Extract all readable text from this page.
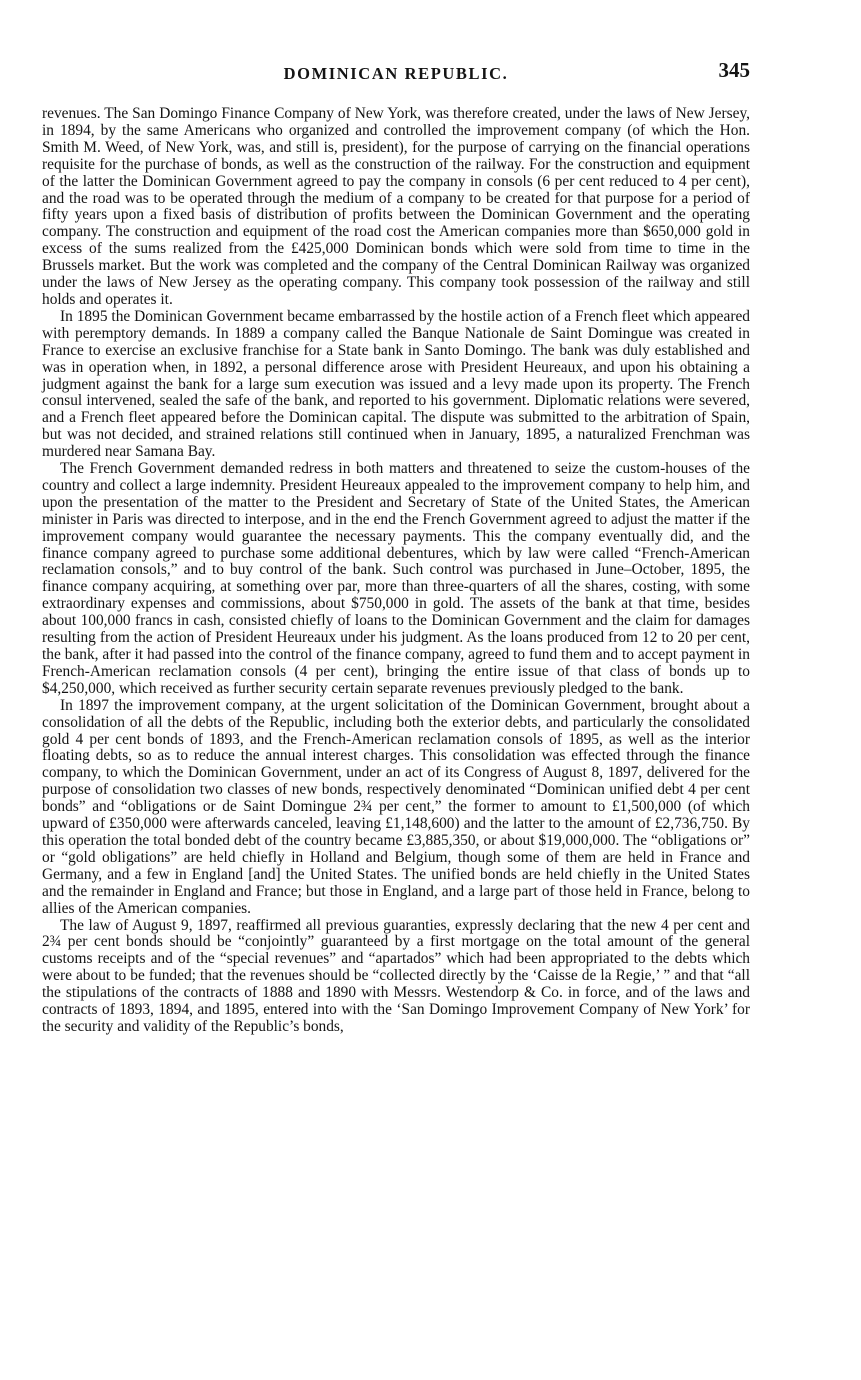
DOMINICAN REPUBLIC.	345

revenues. The San Domingo Finance Company of New York, was therefore created, under the laws of New Jersey, in 1894, by the same Americans who organized and controlled the improvement company (of which the Hon. Smith M. Weed, of New York, was, and still is, president), for the purpose of carrying on the financial operations requisite for the purchase of bonds, as well as the construction of the railway. For the construction and equipment of the latter the Dominican Government agreed to pay the company in consols (6 per cent reduced to 4 per cent), and the road was to be operated through the medium of a company to be created for that purpose for a period of fifty years upon a fixed basis of distribution of profits between the Dominican Government and the operating company. The construction and equipment of the road cost the American companies more than $650,000 gold in excess of the sums realized from the £425,000 Dominican bonds which were sold from time to time in the Brussels market. But the work was completed and the company of the Central Dominican Railway was organized under the laws of New Jersey as the operating company. This company took possession of the railway and still holds and operates it.

In 1895 the Dominican Government became embarrassed by the hostile action of a French fleet which appeared with peremptory demands. In 1889 a company called the Banque Nationale de Saint Domingue was created in France to exercise an exclusive franchise for a State bank in Santo Domingo. The bank was duly established and was in operation when, in 1892, a personal difference arose with President Heureaux, and upon his obtaining a judgment against the bank for a large sum execution was issued and a levy made upon its property. The French consul intervened, sealed the safe of the bank, and reported to his government. Diplomatic relations were severed, and a French fleet appeared before the Dominican capital. The dispute was submitted to the arbitration of Spain, but was not decided, and strained relations still continued when in January, 1895, a naturalized Frenchman was murdered near Samana Bay.

The French Government demanded redress in both matters and threatened to seize the custom-houses of the country and collect a large indemnity. President Heureaux appealed to the improvement company to help him, and upon the presentation of the matter to the President and Secretary of State of the United States, the American minister in Paris was directed to interpose, and in the end the French Government agreed to adjust the matter if the improvement company would guarantee the necessary payments. This the company eventually did, and the finance company agreed to purchase some additional debentures, which by law were called “French-American reclamation consols,” and to buy control of the bank. Such control was purchased in June–October, 1895, the finance company acquiring, at something over par, more than three-quarters of all the shares, costing, with some extraordinary expenses and commissions, about $750,000 in gold. The assets of the bank at that time, besides about 100,000 francs in cash, consisted chiefly of loans to the Dominican Government and the claim for damages resulting from the action of President Heureaux under his judgment. As the loans produced from 12 to 20 per cent, the bank, after it had passed into the control of the finance company, agreed to fund them and to accept payment in French-American reclamation consols (4 per cent), bringing the entire issue of that class of bonds up to $4,250,000, which received as further security certain separate revenues previously pledged to the bank.

In 1897 the improvement company, at the urgent solicitation of the Dominican Government, brought about a consolidation of all the debts of the Republic, including both the exterior debts, and particularly the consolidated gold 4 per cent bonds of 1893, and the French-American reclamation consols of 1895, as well as the interior floating debts, so as to reduce the annual interest charges. This consolidation was effected through the finance company, to which the Dominican Government, under an act of its Congress of August 8, 1897, delivered for the purpose of consolidation two classes of new bonds, respectively denominated “Dominican unified debt 4 per cent bonds” and “obligations or de Saint Domingue 2¾ per cent,” the former to amount to £1,500,000 (of which upward of £350,000 were afterwards canceled, leaving £1,148,600) and the latter to the amount of £2,736,750. By this operation the total bonded debt of the country became £3,885,350, or about $19,000,000. The “obligations or” or “gold obligations” are held chiefly in Holland and Belgium, though some of them are held in France and Germany, and a few in England [and] the United States. The unified bonds are held chiefly in the United States and the remainder in England and France; but those in England, and a large part of those held in France, belong to allies of the American companies.

The law of August 9, 1897, reaffirmed all previous guaranties, expressly declaring that the new 4 per cent and 2¾ per cent bonds should be “conjointly” guaranteed by a first mortgage on the total amount of the general customs receipts and of the “special revenues” and “apartados” which had been appropriated to the debts which were about to be funded; that the revenues should be “collected directly by the ‘Caisse de la Regie,’ ” and that “all the stipulations of the contracts of 1888 and 1890 with Messrs. Westendorp & Co. in force, and of the laws and contracts of 1893, 1894, and 1895, entered into with the ‘San Domingo Improvement Company of New York’ for the security and validity of the Republic’s bonds,
